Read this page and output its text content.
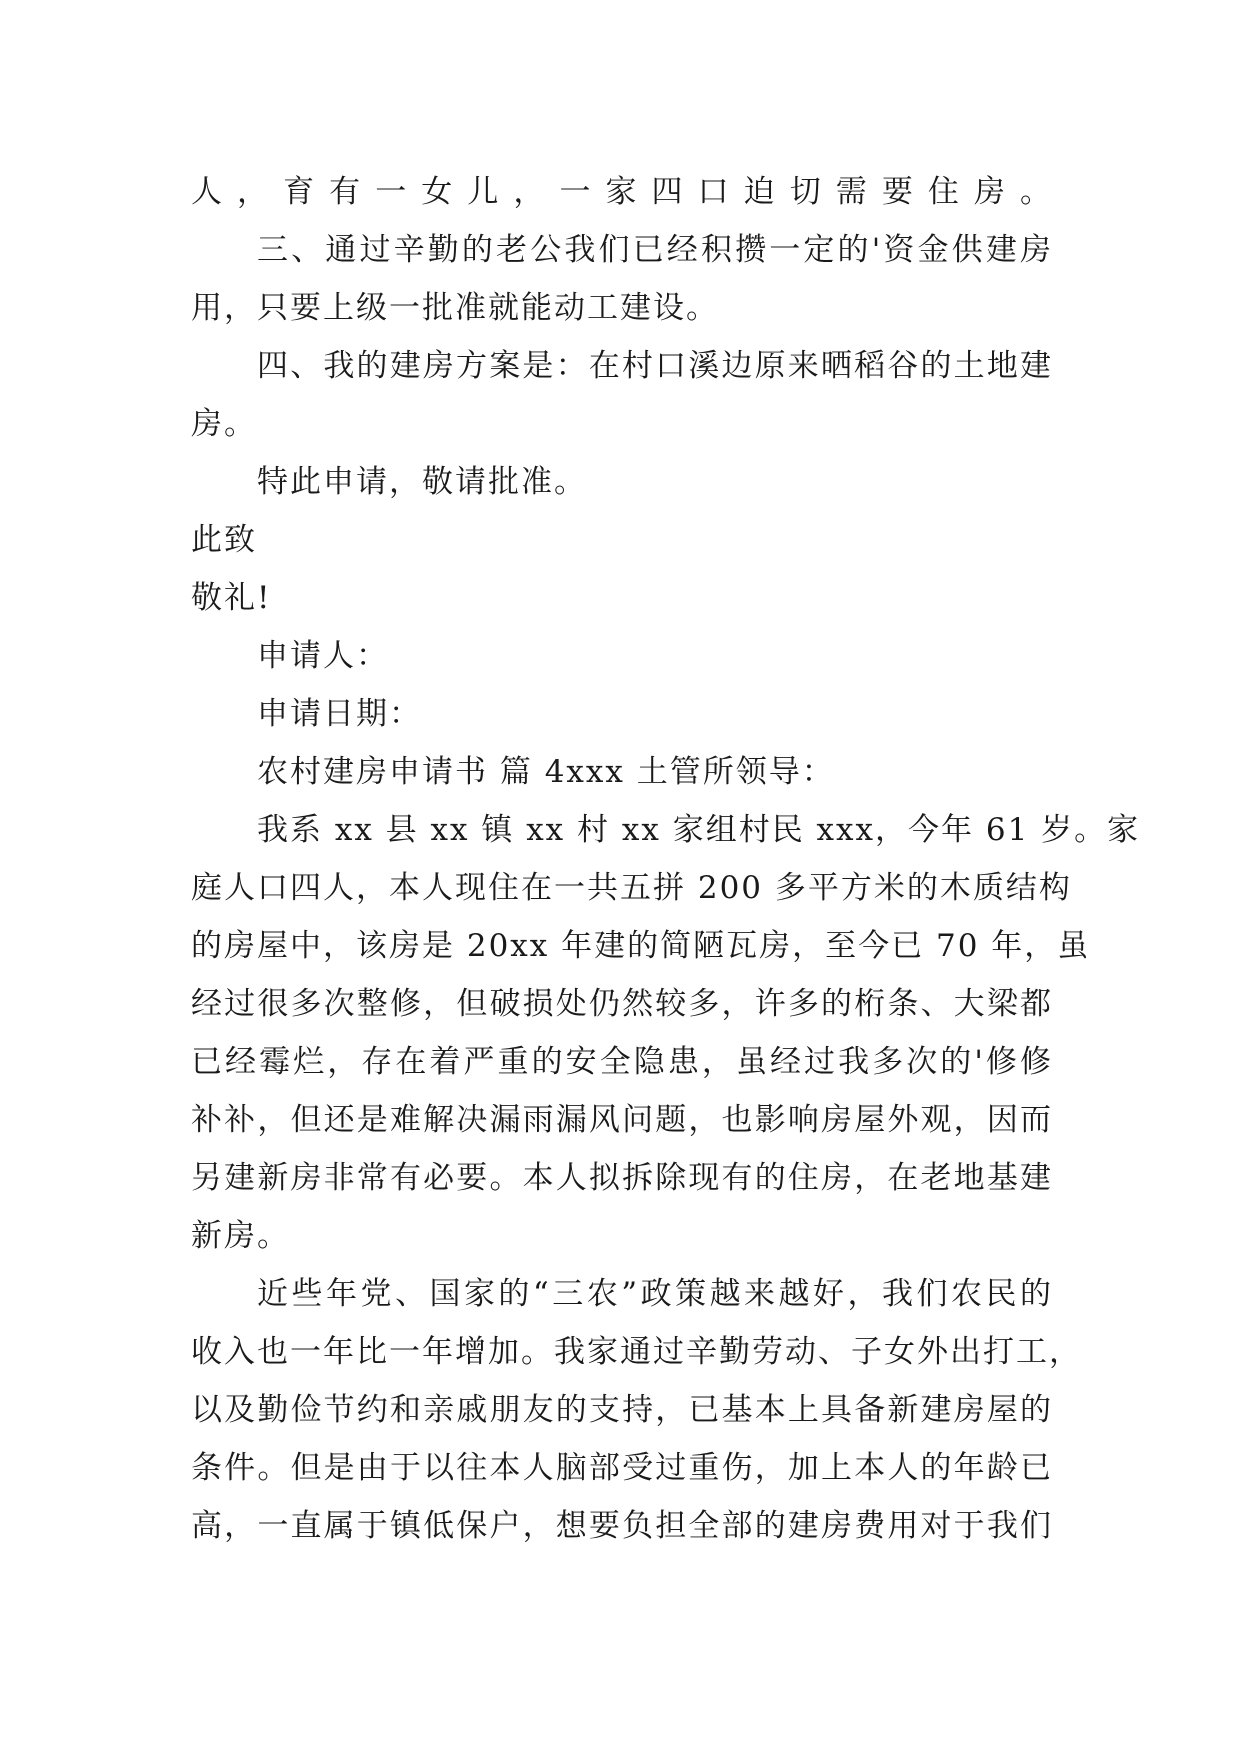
人，育有一女儿，一家四口迫切需要住房。
三、通过辛勤的老公我们已经积攒一定的'资金供建房
用，只要上级一批准就能动工建设。
四、我的建房方案是：在村口溪边原来晒稻谷的土地建
房。
特此申请，敬请批准。
此致
敬礼!
申请人：
申请日期：
农村建房申请书 篇 4xxx 土管所领导：
我系 xx 县 xx 镇 xx 村 xx 家组村民 xxx，今年 61 岁。家
庭人口四人，本人现住在一共五拼 200 多平方米的木质结构
的房屋中，该房是 20xx 年建的简陋瓦房，至今已 70 年，虽
经过很多次整修，但破损处仍然较多，许多的桁条、大梁都
已经霉烂，存在着严重的安全隐患，虽经过我多次的'修修
补补，但还是难解决漏雨漏风问题，也影响房屋外观，因而
另建新房非常有必要。本人拟拆除现有的住房，在老地基建
新房。
近些年党、国家的“三农”政策越来越好，我们农民的
收入也一年比一年增加。我家通过辛勤劳动、子女外出打工，
以及勤俭节约和亲戚朋友的支持，已基本上具备新建房屋的
条件。但是由于以往本人脑部受过重伤，加上本人的年龄已
高，一直属于镇低保户，想要负担全部的建房费用对于我们
